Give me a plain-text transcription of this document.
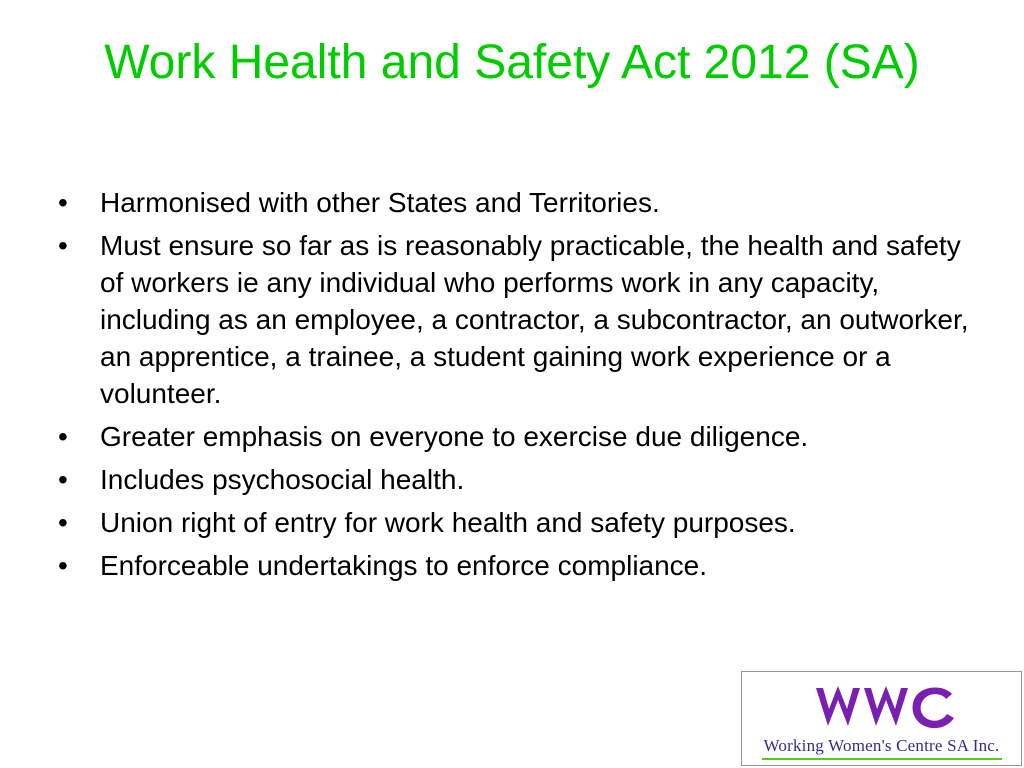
Work Health and Safety Act 2012 (SA)
• Harmonised with other States and Territories.
• Must ensure so far as is reasonably practicable, the health and safety of workers ie any individual who performs work in any capacity, including as an employee, a contractor, a subcontractor, an outworker, an apprentice, a trainee, a student gaining work experience or a volunteer.
• Greater emphasis on everyone to exercise due diligence.
• Includes psychosocial health.
• Union right of entry for work health and safety purposes.
• Enforceable undertakings to enforce compliance.
Working Women's Centre SA Inc.
